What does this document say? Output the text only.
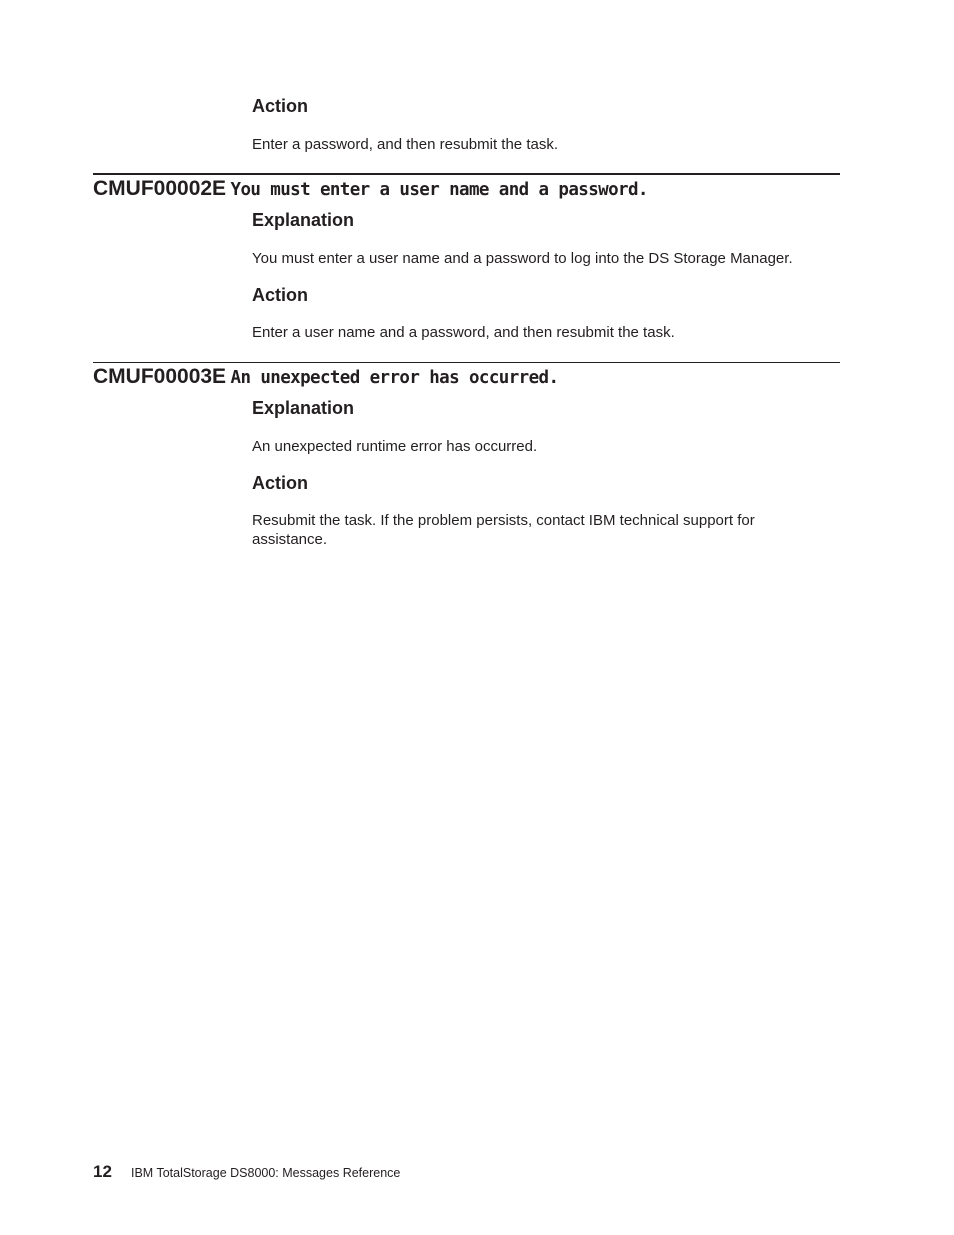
Action
Enter a password, and then resubmit the task.
CMUF00002E You must enter a user name and a password.
Explanation
You must enter a user name and a password to log into the DS Storage Manager.
Action
Enter a user name and a password, and then resubmit the task.
CMUF00003E An unexpected error has occurred.
Explanation
An unexpected runtime error has occurred.
Action
Resubmit the task. If the problem persists, contact IBM technical support for assistance.
12 IBM TotalStorage DS8000: Messages Reference
